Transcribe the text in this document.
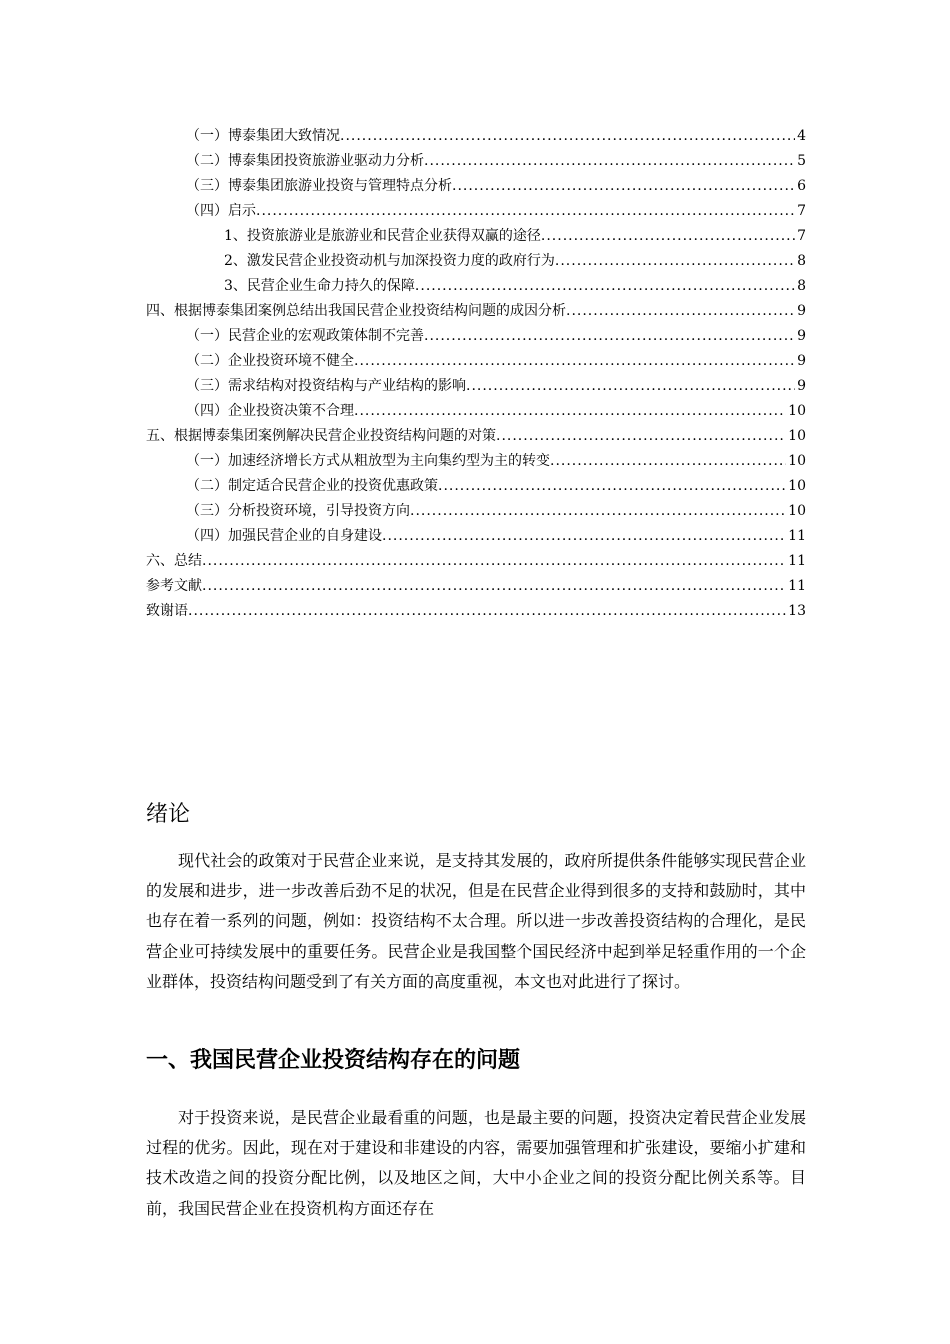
（一）博泰集团大致情况 .....	4
（二）博泰集团投资旅游业驱动力分析 .....	5
（三）博泰集团旅游业投资与管理特点分析 .....	6
（四）启示 .....	7
1、投资旅游业是旅游业和民营企业获得双赢的途径 .....	7
2、激发民营企业投资动机与加深投资力度的政府行为 .....	8
3、民营企业生命力持久的保障 .....	8
四、根据博泰集团案例总结出我国民营企业投资结构问题的成因分析 .....	9
（一）民营企业的宏观政策体制不完善 .....	9
（二）企业投资环境不健全 .....	9
（三）需求结构对投资结构与产业结构的影响 .....	9
（四）企业投资决策不合理 .....	10
五、根据博泰集团案例解决民营企业投资结构问题的对策 .....	10
（一）加速经济增长方式从粗放型为主向集约型为主的转变 .....	10
（二）制定适合民营企业的投资优惠政策 .....	10
（三）分析投资环境，引导投资方向 .....	10
（四）加强民营企业的自身建设 .....	11
六、总结 .....	11
参考文献 .....	11
致谢语 .....	13
绪论

现代社会的政策对于民营企业来说，是支持其发展的，政府所提供条件能够实现民营企业的发展和进步，进一步改善后劲不足的状况，但是在民营企业得到很多的支持和鼓励时，其中也存在着一系列的问题，例如：投资结构不太合理。所以进一步改善投资结构的合理化，是民营企业可持续发展中的重要任务。民营企业是我国整个国民经济中起到举足轻重作用的一个企业群体，投资结构问题受到了有关方面的高度重视，本文也对此进行了探讨。

一、我国民营企业投资结构存在的问题

对于投资来说，是民营企业最看重的问题，也是最主要的问题，投资决定着民营企业发展过程的优劣。因此，现在对于建设和非建设的内容，需要加强管理和扩张建设，要缩小扩建和技术改造之间的投资分配比例，以及地区之间，大中小企业之间的投资分配比例关系等。目前，我国民营企业在投资机构方面还存在
